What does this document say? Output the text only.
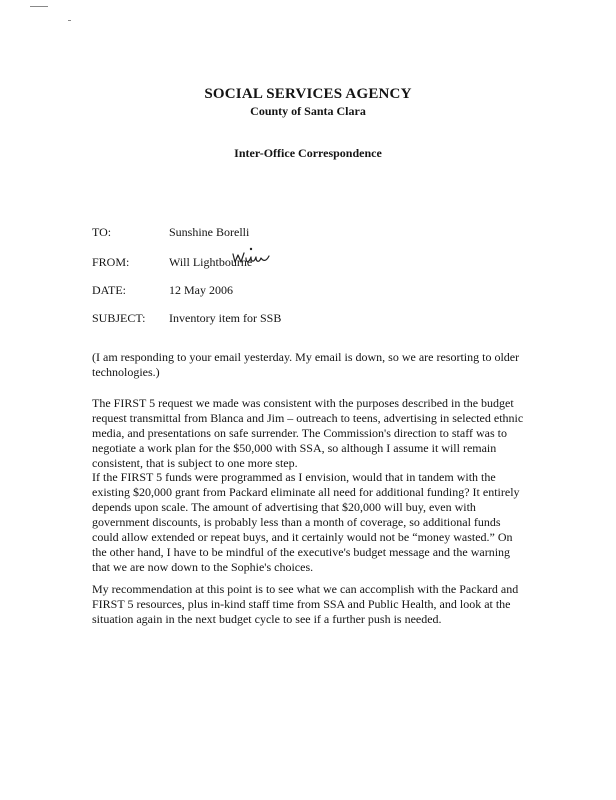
SOCIAL SERVICES AGENCY
County of Santa Clara
Inter-Office Correspondence
TO:	Sunshine Borelli
FROM:	Will Lightbourne
DATE:	12 May 2006
SUBJECT:	Inventory item for SSB

(I am responding to your email yesterday. My email is down, so we are resorting to older technologies.)

The FIRST 5 request we made was consistent with the purposes described in the budget request transmittal from Blanca and Jim – outreach to teens, advertising in selected ethnic media, and presentations on safe surrender. The Commission's direction to staff was to negotiate a work plan for the $50,000 with SSA, so although I assume it will remain consistent, that is subject to one more step.

If the FIRST 5 funds were programmed as I envision, would that in tandem with the existing $20,000 grant from Packard eliminate all need for additional funding? It entirely depends upon scale. The amount of advertising that $20,000 will buy, even with government discounts, is probably less than a month of coverage, so additional funds could allow extended or repeat buys, and it certainly would not be “money wasted.” On the other hand, I have to be mindful of the executive's budget message and the warning that we are now down to the Sophie's choices.

My recommendation at this point is to see what we can accomplish with the Packard and FIRST 5 resources, plus in-kind staff time from SSA and Public Health, and look at the situation again in the next budget cycle to see if a further push is needed.
